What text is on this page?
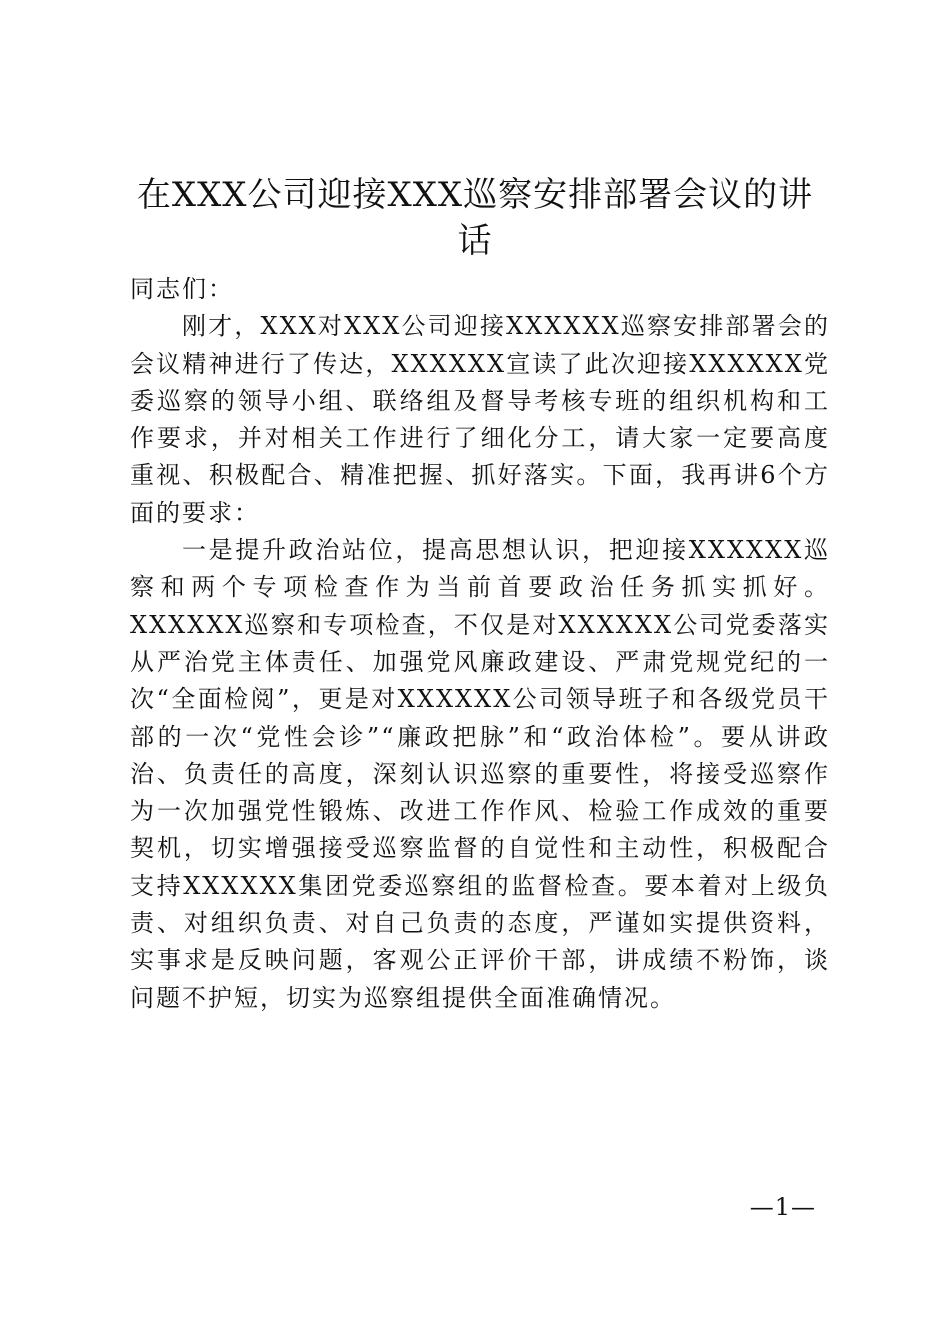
在XXX公司迎接XXX巡察安排部署会议的讲话

同志们：

刚才，XXX对XXX公司迎接XXXXXX巡察安排部署会的会议精神进行了传达，XXXXXX宣读了此次迎接XXXXXX党委巡察的领导小组、联络组及督导考核专班的组织机构和工作要求，并对相关工作进行了细化分工，请大家一定要高度重视、积极配合、精准把握、抓好落实。下面，我再讲6个方面的要求：

一是提升政治站位，提高思想认识，把迎接XXXXXX巡察和两个专项检查作为当前首要政治任务抓实抓好。XXXXXX巡察和专项检查，不仅是对XXXXXX公司党委落实从严治党主体责任、加强党风廉政建设、严肃党规党纪的一次“全面检阅”，更是对XXXXXX公司领导班子和各级党员干部的一次“党性会诊”“廉政把脉”和“政治体检”。要从讲政治、负责任的高度，深刻认识巡察的重要性，将接受巡察作为一次加强党性锻炼、改进工作作风、检验工作成效的重要契机，切实增强接受巡察监督的自觉性和主动性，积极配合支持XXXXXX集团党委巡察组的监督检查。要本着对上级负责、对组织负责、对自己负责的态度，严谨如实提供资料，实事求是反映问题，客观公正评价干部，讲成绩不粉饰，谈问题不护短，切实为巡察组提供全面准确情况。

—1—
